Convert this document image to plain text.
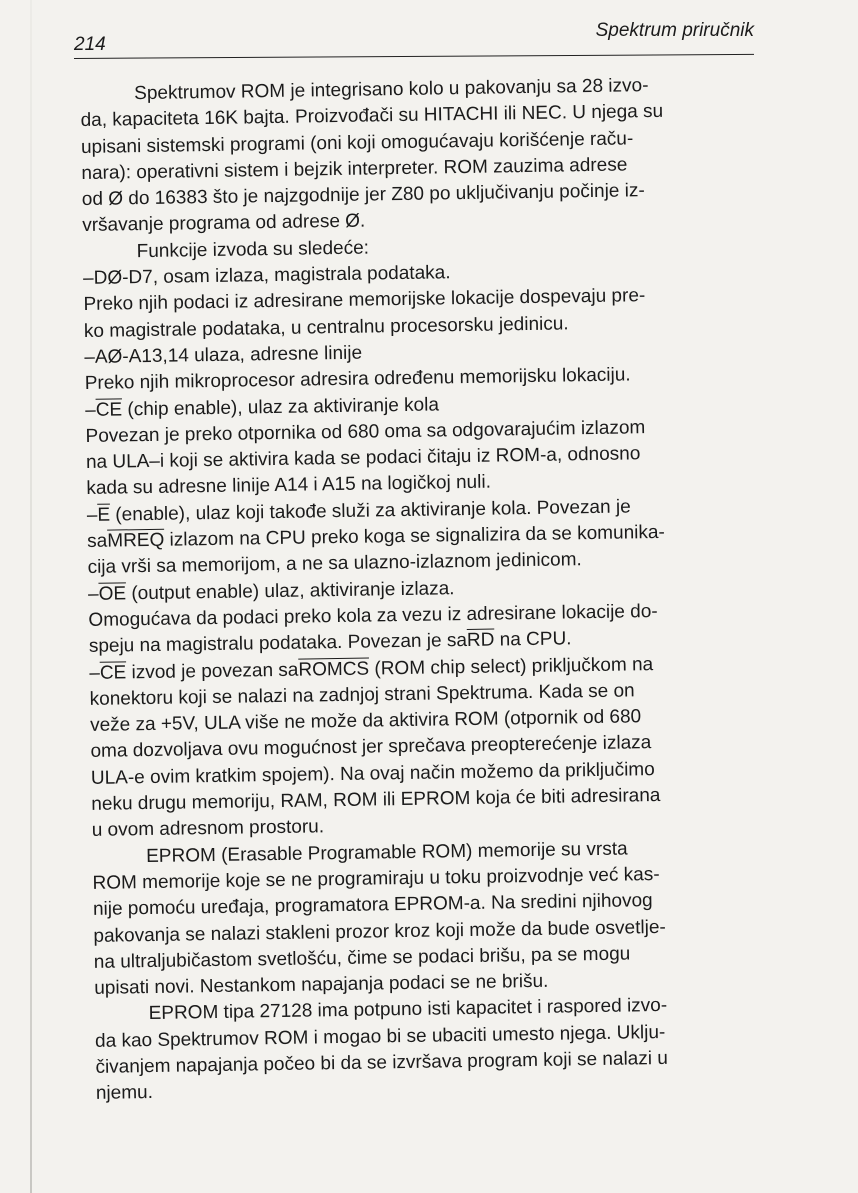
214
Spektrum priručnik
Spektrumov ROM je integrisano kolo u pakovanju sa 28 izvo-
da, kapaciteta 16K bajta. Proizvođači su HITACHI ili NEC. U njega su
upisani sistemski programi (oni koji omogućavaju korišćenje raču-
nara): operativni sistem i bejzik interpreter. ROM zauzima adrese
od Ø do 16383 što je najzgodnije jer Z80 po uključivanju počinje iz-
vršavanje programa od adrese Ø.
Funkcije izvoda su sledeće:
–DØ-D7, osam izlaza, magistrala podataka.
Preko njih podaci iz adresirane memorijske lokacije dospevaju pre-
ko magistrale podataka, u centralnu procesorsku jedinicu.
–AØ-A13,14 ulaza, adresne linije
Preko njih mikroprocesor adresira određenu memorijsku lokaciju.
$-\overline{CE}$ (chip enable), ulaz za aktiviranje kola
Povezan je preko otpornika od 680 oma sa odgovarajućim izlazom
na ULA–i koji se aktivira kada se podaci čitaju iz ROM-a, odnosno
kada su adresne linije A14 i A15 na logičkoj nuli.
$-\overline{E}$ (enable), ulaz koji takođe služi za aktiviranje kola. Povezan je
saMREQ izlazom na CPU preko koga se signalizira da se komunika-
cija vrši sa memorijom, a ne sa ulazno-izlaznom jedinicom.
$-\overline{OE}$ (output enable) ulaz, aktiviranje izlaza.
Omogućava da podaci preko kola za vezu iz adresirane lokacije do-
speju na magistralu podataka. Povezan je $sa\overline{RD}$ na CPU.
$-\overline{CE}$ izvod je povezan saROMCS (ROM chip select) priključkom na
konektoru koji se nalazi na zadnjoj strani Spektruma. Kada se on
veže za +5V, ULA više ne može da aktivira ROM (otpornik od 680
oma dozvoljava ovu mogućnost jer sprečava preopterećenje izlaza
ULA-e ovim kratkim spojem). Na ovaj način možemo da priključimo
neku drugu memoriju, RAM, ROM ili EPROM koja će biti adresirana
u ovom adresnom prostoru.
EPROM (Erasable Programable ROM) memorije su vrsta
ROM memorije koje se ne programiraju u toku proizvodnje već kas-
nije pomoću uređaja, programatora EPROM-a. Na sredini njihovog
pakovanja se nalazi stakleni prozor kroz koji može da bude osvetlje-
na ultraljubičastom svetlošću, čime se podaci brišu, pa se mogu
upisati novi. Nestankom napajanja podaci se ne brišu.
EPROM tipa 27128 ima potpuno isti kapacitet i raspored izvo-
da kao Spektrumov ROM i mogao bi se ubaciti umesto njega. Uklju-
čivanjem napajanja počeo bi da se izvršava program koji se nalazi u
njemu.
